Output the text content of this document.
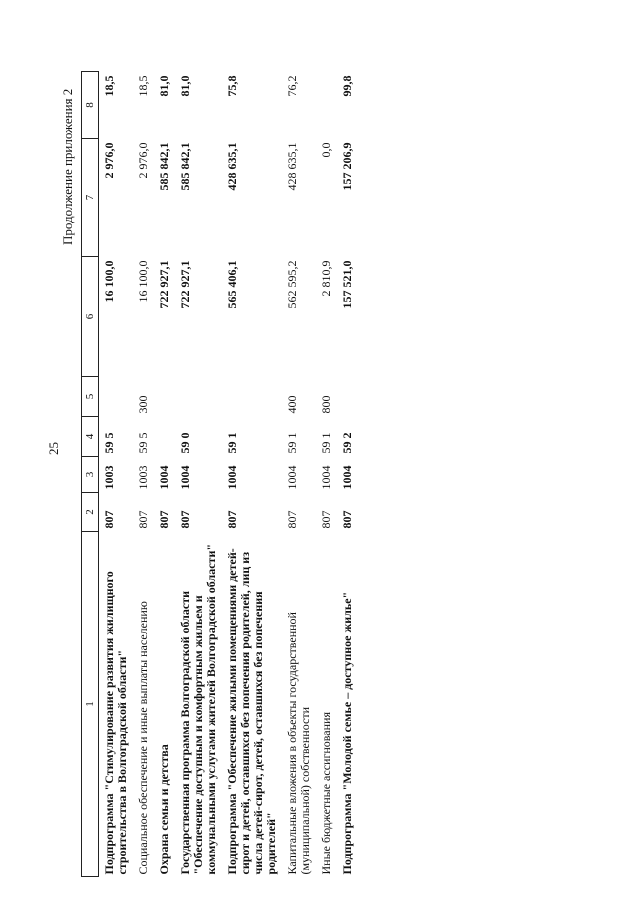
25
Продолжение приложения 2
1	2	3	4	5	6	7	8
Подпрограмма "Стимулирование развития жилищного строительства в Волгоградской области"	807	1003	59 5		16 100,0	2 976,0	18,5
Социальное обеспечение и иные выплаты населению	807	1003	59 5	300	16 100,0	2 976,0	18,5
Охрана семьи и детства	807	1004			722 927,1	585 842,1	81,0
Государственная программа Волгоградской области "Обеспечение доступным и комфортным жильем и коммунальными услугами жителей Волгоградской области"	807	1004	59 0		722 927,1	585 842,1	81,0
Подпрограмма "Обеспечение жилыми помещениями детей-сирот и детей, оставшихся без попечения родителей, лиц из числа детей-сирот, детей, оставшихся без попечения родителей"	807	1004	59 1		565 406,1	428 635,1	75,8
Капитальные вложения в объекты государственной (муниципальной) собственности	807	1004	59 1	400	562 595,2	428 635,1	76,2
Иные бюджетные ассигнования	807	1004	59 1	800	2 810,9	0,0	
Подпрограмма "Молодой семье – доступное жилье"	807	1004	59 2		157 521,0	157 206,9	99,8
